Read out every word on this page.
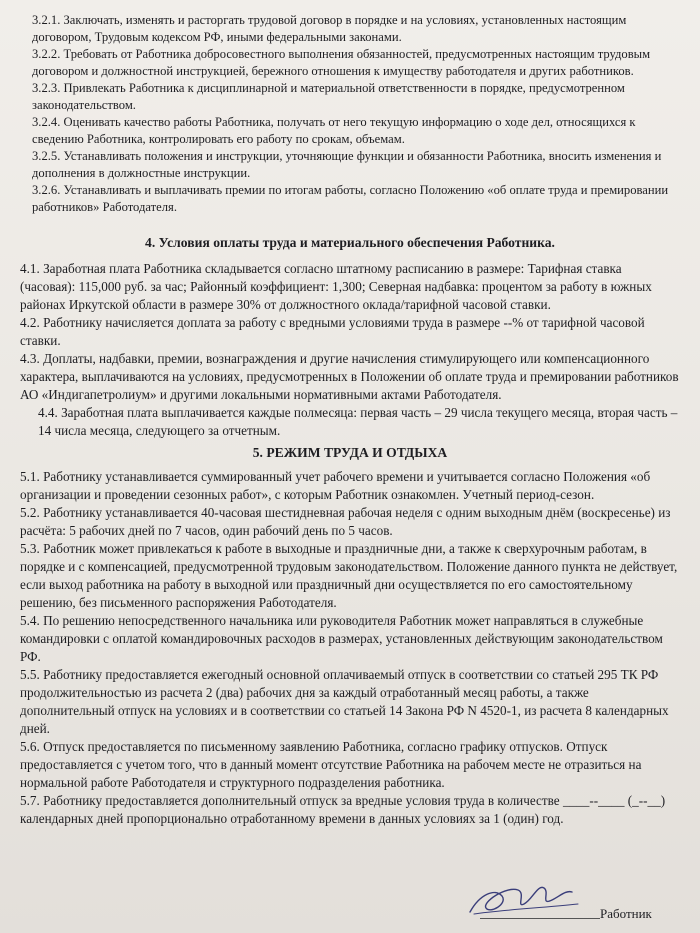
3.2.1. Заключать, изменять и расторгать трудовой договор в порядке и на условиях, установленных настоящим договором, Трудовым кодексом РФ, иными федеральными законами.

3.2.2. Требовать от Работника добросовестного выполнения обязанностей, предусмотренных настоящим трудовым договором и должностной инструкцией, бережного отношения к имуществу работодателя и других работников.

3.2.3. Привлекать Работника к дисциплинарной и материальной ответственности в порядке, предусмотренном законодательством.

3.2.4. Оценивать качество работы Работника, получать от него текущую информацию о ходе дел, относящихся к сведению Работника, контролировать его работу по срокам, объемам.

3.2.5. Устанавливать положения и инструкции, уточняющие функции и обязанности Работника, вносить изменения и дополнения в должностные инструкции.

3.2.6. Устанавливать и выплачивать премии по итогам работы, согласно Положению «об оплате труда и премировании работников» Работодателя.

4. Условия оплаты труда и материального обеспечения Работника.

4.1. Заработная плата Работника складывается согласно штатному расписанию в размере: Тарифная ставка (часовая): 115,000 руб. за час; Районный коэффициент: 1,300; Северная надбавка: процентом за работу в южных районах Иркутской области в размере 30% от должностного оклада/тарифной часовой ставки.

4.2. Работнику начисляется доплата за работу с вредными условиями труда в размере --% от тарифной часовой ставки.

4.3. Доплаты, надбавки, премии, вознаграждения и другие начисления стимулирующего или компенсационного характера, выплачиваются на условиях, предусмотренных в Положении об оплате труда и премировании работников АО «Индигапетролиум» и другими локальными нормативными актами Работодателя.

4.4. Заработная плата выплачивается каждые полмесяца: первая часть – 29 числа текущего месяца, вторая часть – 14 числа месяца, следующего за отчетным.

5. РЕЖИМ ТРУДА И ОТДЫХА

5.1. Работнику устанавливается суммированный учет рабочего времени и учитывается согласно Положения «об организации и проведении сезонных работ», с которым Работник ознакомлен. Учетный период-сезон.

5.2. Работнику устанавливается 40-часовая шестидневная рабочая неделя с одним выходным днём (воскресенье) из расчёта: 5 рабочих дней по 7 часов, один рабочий день по 5 часов.

5.3. Работник может привлекаться к работе в выходные и праздничные дни, а также к сверхурочным работам, в порядке и с компенсацией, предусмотренной трудовым законодательством. Положение данного пункта не действует, если выход работника на работу в выходной или праздничный дни осуществляется по его самостоятельному решению, без письменного распоряжения Работодателя.

5.4. По решению непосредственного начальника или руководителя Работник может направляться в служебные командировки с оплатой командировочных расходов в размерах, установленных действующим законодательством РФ.

5.5. Работнику предоставляется ежегодный основной оплачиваемый отпуск в соответствии со статьей 295 ТК РФ продолжительностью из расчета 2 (два) рабочих дня за каждый отработанный месяц работы, а также дополнительный отпуск на условиях и в соответствии со статьей 14 Закона РФ N 4520-1, из расчета 8 календарных дней.

5.6. Отпуск предоставляется по письменному заявлению Работника, согласно графику отпусков. Отпуск предоставляется с учетом того, что в данный момент отсутствие Работника на рабочем месте не отразиться на нормальной работе Работодателя и структурного подразделения работника.

5.7. Работнику предоставляется дополнительный отпуск за вредные условия труда в количестве ____--____ (_--__) календарных дней пропорционально отработанному времени в данных условиях за 1 (один) год.

Работник
